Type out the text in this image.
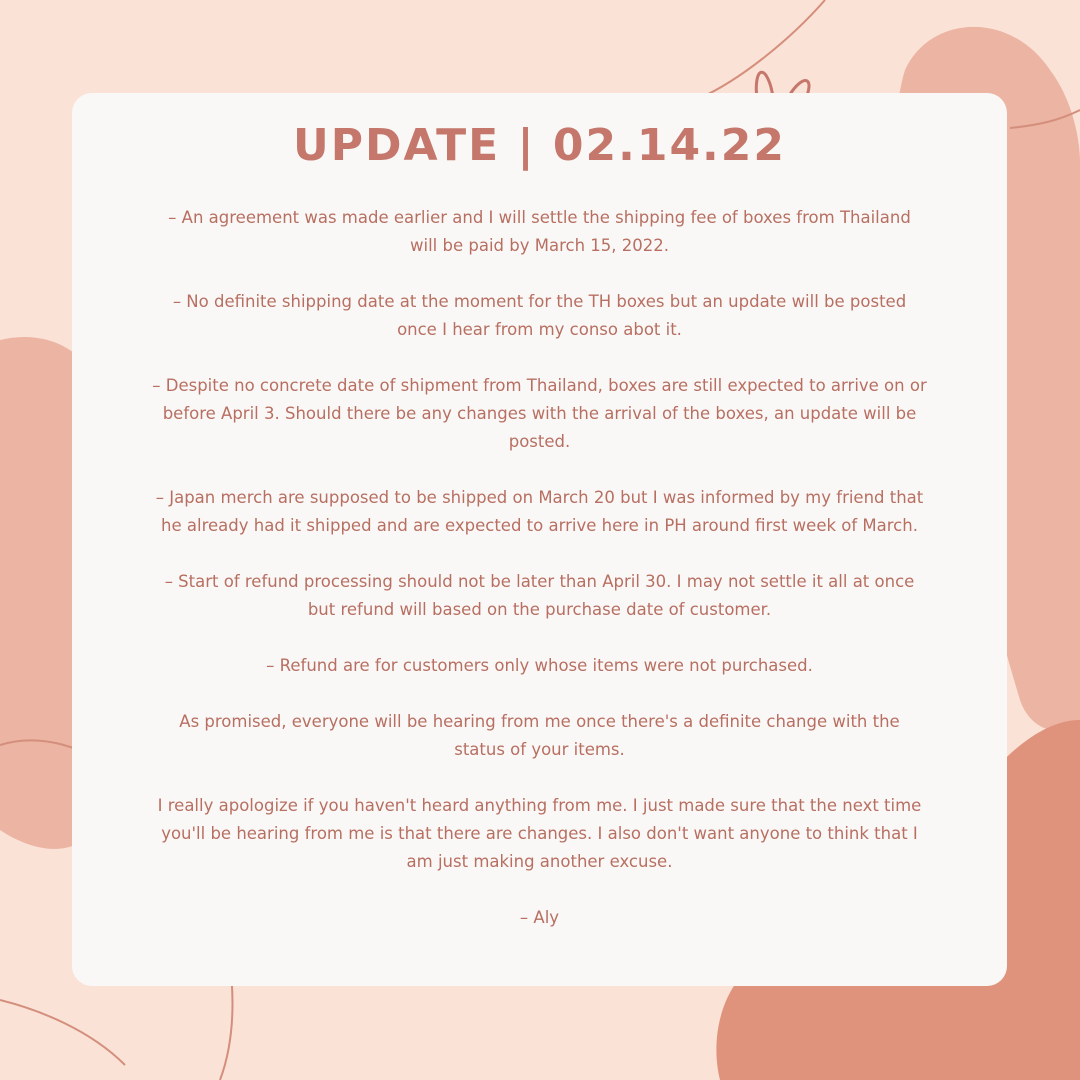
UPDATE | 02.14.22

– An agreement was made earlier and I will settle the shipping fee of boxes from Thailand will be paid by March 15, 2022.

– No definite shipping date at the moment for the TH boxes but an update will be posted once I hear from my conso abot it.

– Despite no concrete date of shipment from Thailand, boxes are still expected to arrive on or before April 3. Should there be any changes with the arrival of the boxes, an update will be posted.

– Japan merch are supposed to be shipped on March 20 but I was informed by my friend that he already had it shipped and are expected to arrive here in PH around first week of March.

– Start of refund processing should not be later than April 30. I may not settle it all at once but refund will based on the purchase date of customer.

– Refund are for customers only whose items were not purchased.

As promised, everyone will be hearing from me once there's a definite change with the status of your items.

I really apologize if you haven't heard anything from me. I just made sure that the next time you'll be hearing from me is that there are changes. I also don't want anyone to think that I am just making another excuse.

– Aly
